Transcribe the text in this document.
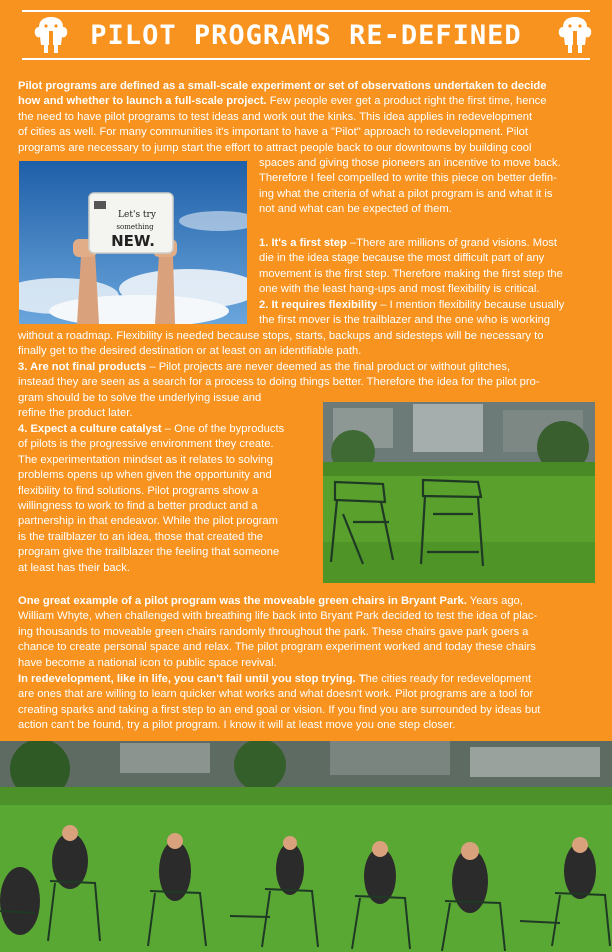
PILOT PROGRAMS RE-DEFINED
Pilot programs are defined as a small-scale experiment or set of observations undertaken to decide
how and whether to launch a full-scale project. Few people ever get a product right the first time, hence
the need to have pilot programs to test ideas and work out the kinks. This idea applies in redevelopment
of cities as well. For many communities it's important to have a "Pilot" approach to redevelopment. Pilot
programs are necessary to jump start the effort to attract people back to our downtowns by building cool
spaces and giving those pioneers an incentive to move back.
Therefore I feel compelled to write this piece on better defin-
ing what the criteria of what a pilot program is and what it is
not and what can be expected of them.
Let's try
something
NEW.	1. It's a first step –There are millions of grand visions. Most
die in the idea stage because the most difficult part of any
movement is the first step. Therefore making the first step the
one with the least hang-ups and most flexibility is critical.
2. It requires flexibility – I mention flexibility because usually
the first mover is the trailblazer and the one who is working
without a roadmap. Flexibility is needed because stops, starts, backups and sidesteps will be necessary to
finally get to the desired destination or at least on an identifiable path.
3. Are not final products – Pilot projects are never deemed as the final product or without glitches,
instead they are seen as a search for a process to doing things better. Therefore the idea for the pilot pro-
gram should be to solve the underlying issue and
refine the product later.
4. Expect a culture catalyst – One of the byproducts
of pilots is the progressive environment they create.
The experimentation mindset as it relates to solving
problems opens up when given the opportunity and
flexibility to find solutions. Pilot programs show a
willingness to work to find a better product and a
partnership in that endeavor. While the pilot program
is the trailblazer to an idea, those that created the
program give the trailblazer the feeling that someone
at least has their back.
One great example of a pilot program was the moveable green chairs in Bryant Park. Years ago,
William Whyte, when challenged with breathing life back into Bryant Park decided to test the idea of plac-
ing thousands to moveable green chairs randomly throughout the park. These chairs gave park goers a
chance to create personal space and relax. The pilot program experiment worked and today these chairs
have become a national icon to public space revival.
In redevelopment, like in life, you can't fail until you stop trying. The cities ready for redevelopment
are ones that are willing to learn quicker what works and what doesn't work. Pilot programs are a tool for
creating sparks and taking a first step to an end goal or vision. If you find you are surrounded by ideas but
action can't be found, try a pilot program. I know it will at least move you one step closer.
